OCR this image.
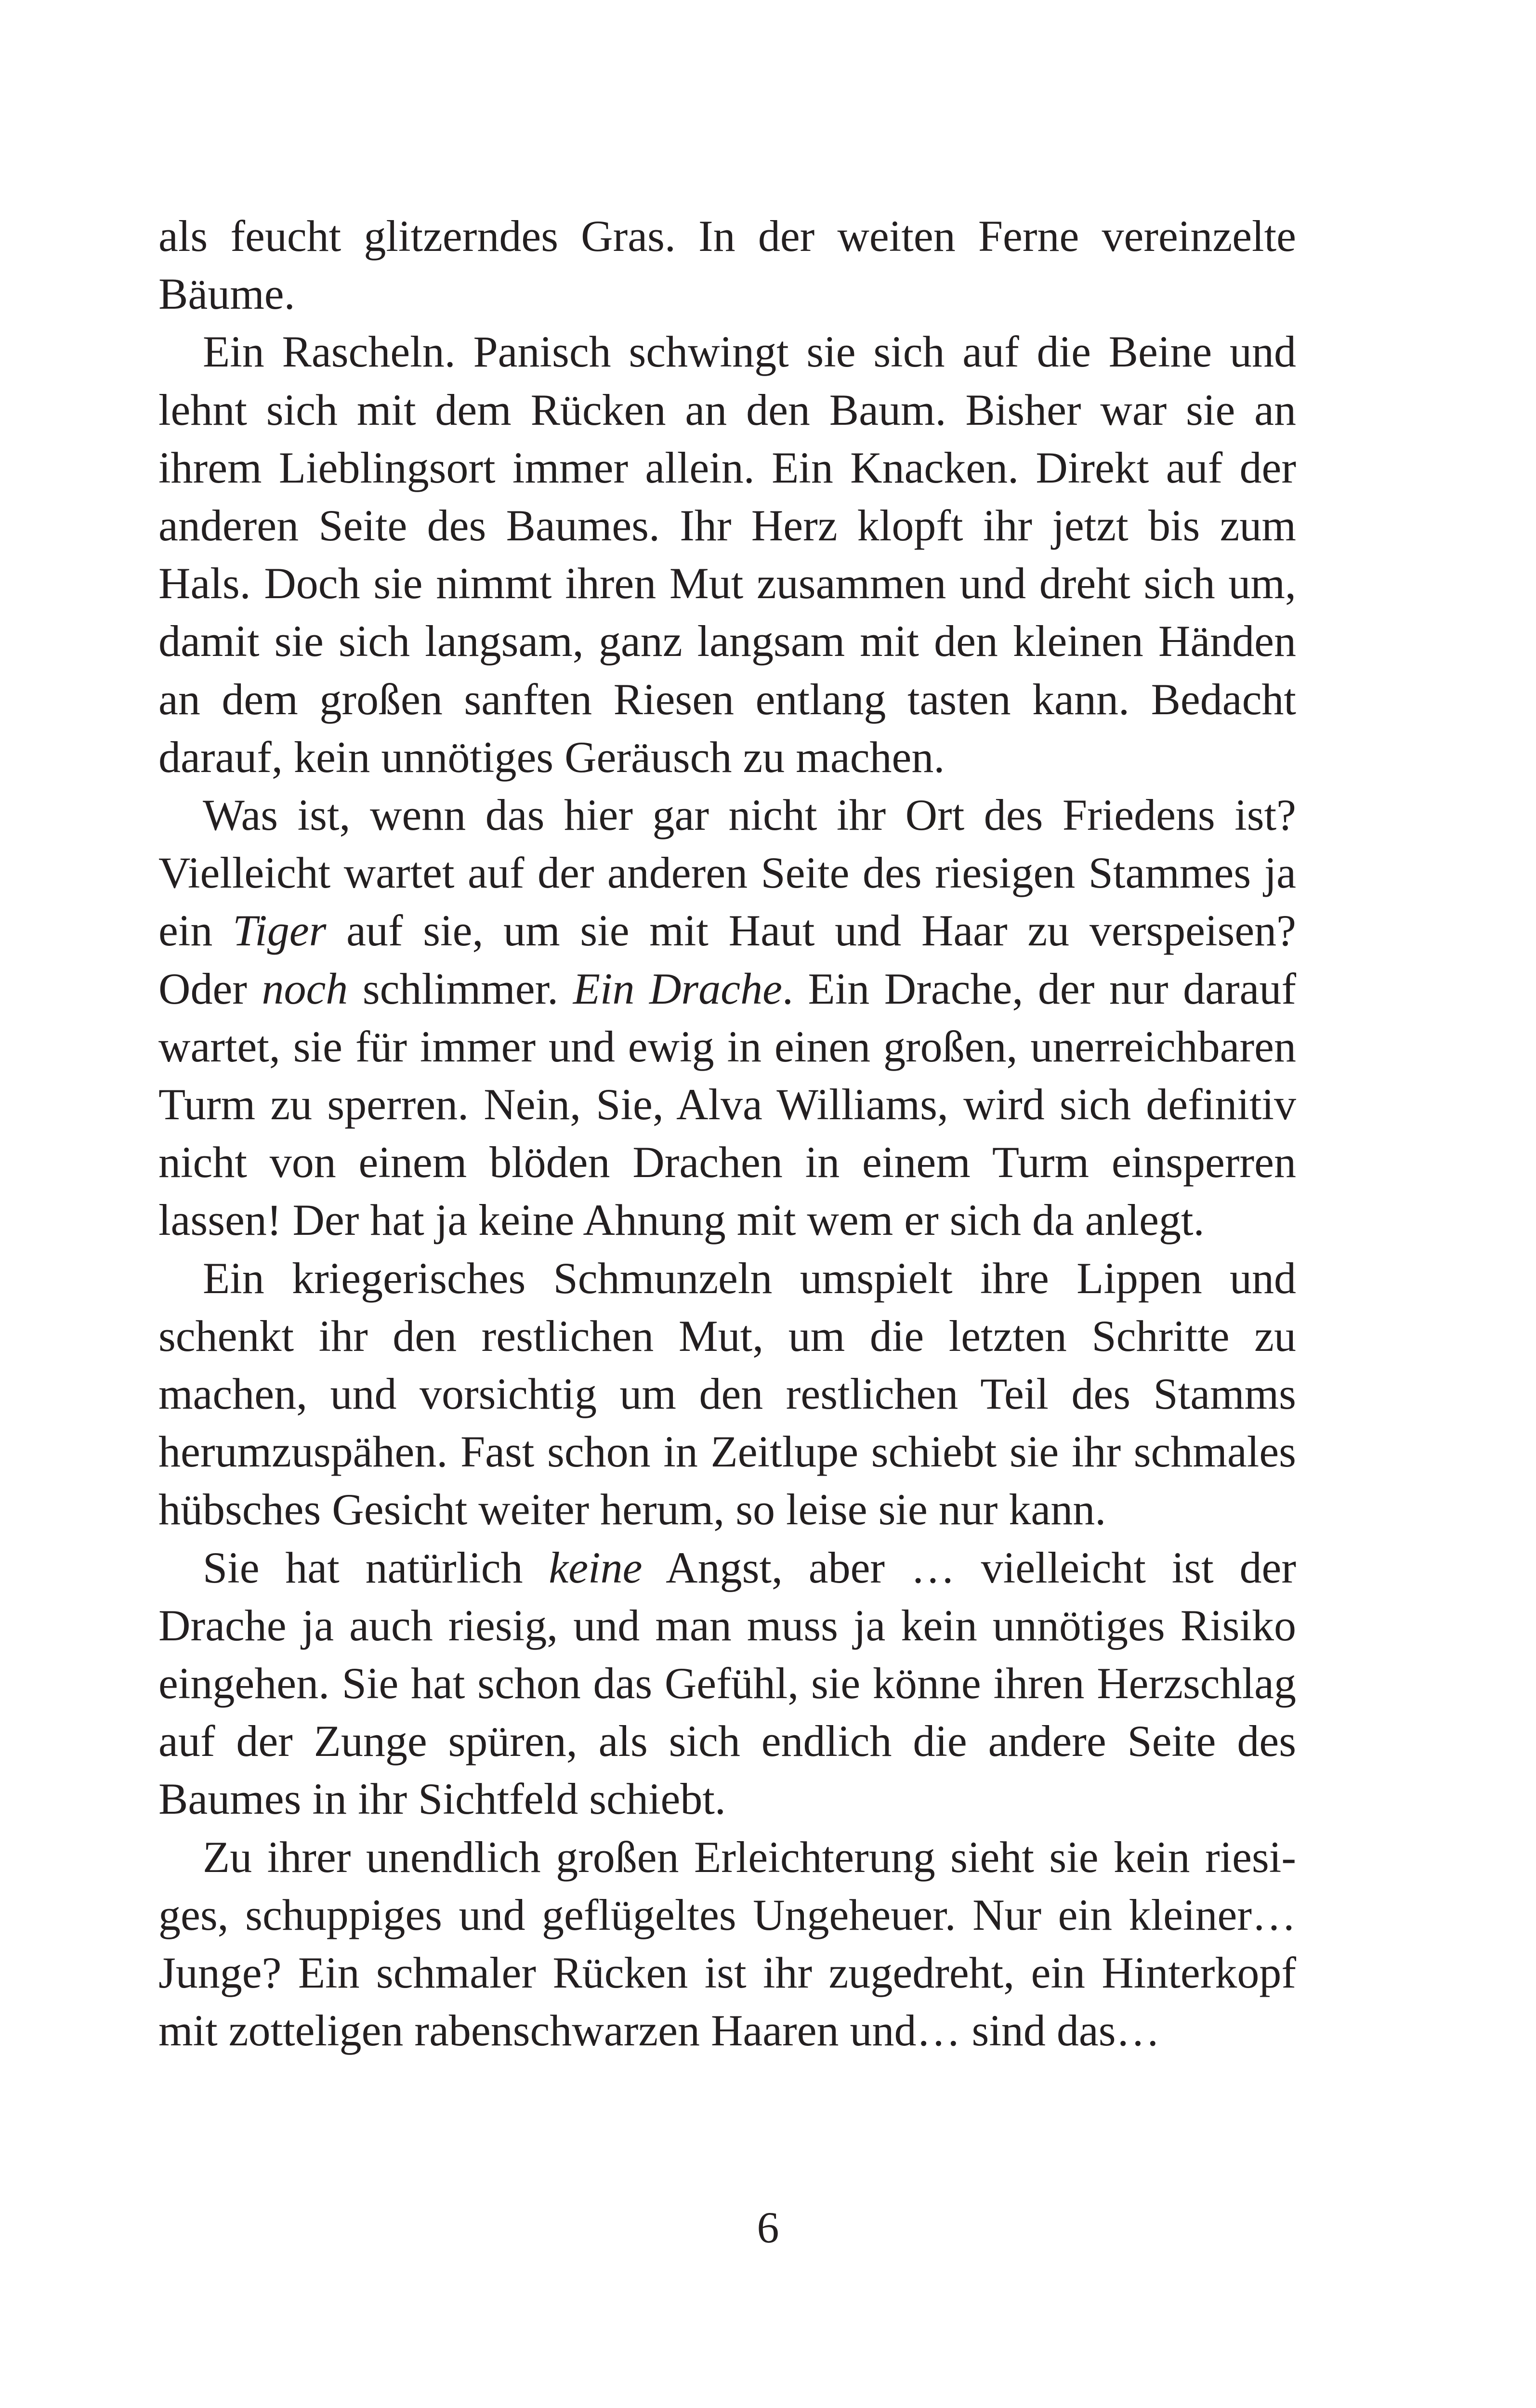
als feucht glitzerndes Gras. In der weiten Ferne vereinzelte Bäume.

Ein Rascheln. Panisch schwingt sie sich auf die Beine und lehnt sich mit dem Rücken an den Baum. Bisher war sie an ihrem Lieblingsort immer allein. Ein Knacken. Direkt auf der anderen Seite des Baumes. Ihr Herz klopft ihr jetzt bis zum Hals. Doch sie nimmt ihren Mut zusammen und dreht sich um, damit sie sich langsam, ganz langsam mit den kleinen Händen an dem großen sanften Riesen entlang tasten kann. Bedacht darauf, kein unnötiges Geräusch zu machen.

Was ist, wenn das hier gar nicht ihr Ort des Friedens ist? Vielleicht wartet auf der anderen Seite des riesigen Stammes ja ein Tiger auf sie, um sie mit Haut und Haar zu verspeisen? Oder noch schlimmer. Ein Drache. Ein Drache, der nur darauf wartet, sie für immer und ewig in einen großen, unerreichbaren Turm zu sperren. Nein, Sie, Alva Williams, wird sich definitiv nicht von einem blöden Drachen in einem Turm einsperren lassen! Der hat ja keine Ahnung mit wem er sich da anlegt.

Ein kriegerisches Schmunzeln umspielt ihre Lippen und schenkt ihr den restlichen Mut, um die letzten Schritte zu machen, und vorsichtig um den restlichen Teil des Stamms herumzuspähen. Fast schon in Zeitlupe schiebt sie ihr schmales hübsches Gesicht weiter herum, so leise sie nur kann.

Sie hat natürlich keine Angst, aber … vielleicht ist der Drache ja auch riesig, und man muss ja kein unnötiges Risiko eingehen. Sie hat schon das Gefühl, sie könne ihren Herzschlag auf der Zunge spüren, als sich endlich die andere Seite des Baumes in ihr Sichtfeld schiebt.

Zu ihrer unendlich großen Erleichterung sieht sie kein riesiges, schuppiges und geflügeltes Ungeheuer. Nur ein kleiner… Junge? Ein schmaler Rücken ist ihr zugedreht, ein Hinterkopf mit zotteligen rabenschwarzen Haaren und… sind das…

6
